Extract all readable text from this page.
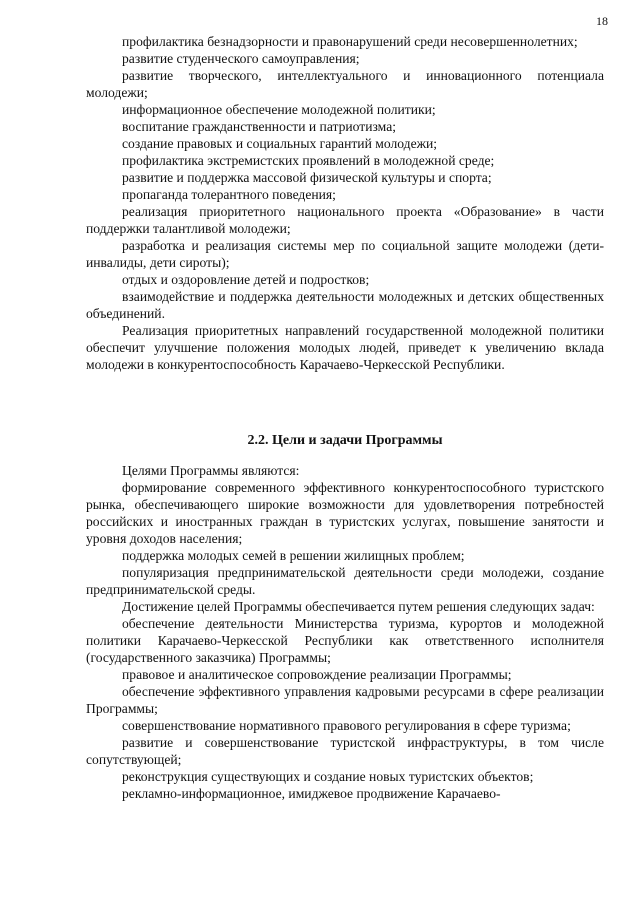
18

профилактика безнадзорности и правонарушений среди несовершеннолетних;

развитие студенческого самоуправления;

развитие творческого, интеллектуального и инновационного потенциала молодежи;

информационное обеспечение молодежной политики;

воспитание гражданственности и патриотизма;

создание правовых и социальных гарантий молодежи;

профилактика экстремистских проявлений в молодежной среде;

развитие и поддержка массовой физической культуры и спорта;

пропаганда толерантного поведения;

реализация приоритетного национального проекта «Образование» в части поддержки талантливой молодежи;

разработка и реализация системы мер по социальной защите молодежи (дети-инвалиды, дети сироты);

отдых и оздоровление детей и подростков;

взаимодействие и поддержка деятельности молодежных и детских общественных объединений.

Реализация приоритетных направлений государственной молодежной политики обеспечит улучшение положения молодых людей, приведет к увеличению вклада молодежи в конкурентоспособность Карачаево-Черкесской Республики.

2.2. Цели и задачи Программы

Целями Программы являются:

формирование современного эффективного конкурентоспособного туристского рынка, обеспечивающего широкие возможности для удовлетворения потребностей российских и иностранных граждан в туристских услугах, повышение занятости и уровня доходов населения;

поддержка молодых семей в решении жилищных проблем;

популяризация предпринимательской деятельности среди молодежи, создание предпринимательской среды.

Достижение целей Программы обеспечивается путем решения следующих задач:

обеспечение деятельности Министерства туризма, курортов и молодежной политики Карачаево-Черкесской Республики как ответственного исполнителя (государственного заказчика) Программы;

правовое и аналитическое сопровождение реализации Программы;

обеспечение эффективного управления кадровыми ресурсами в сфере реализации Программы;

совершенствование нормативного правового регулирования в сфере туризма;

развитие и совершенствование туристской инфраструктуры, в том числе сопутствующей;

реконструкция существующих и создание новых туристских объектов;

рекламно-информационное, имиджевое продвижение Карачаево-
